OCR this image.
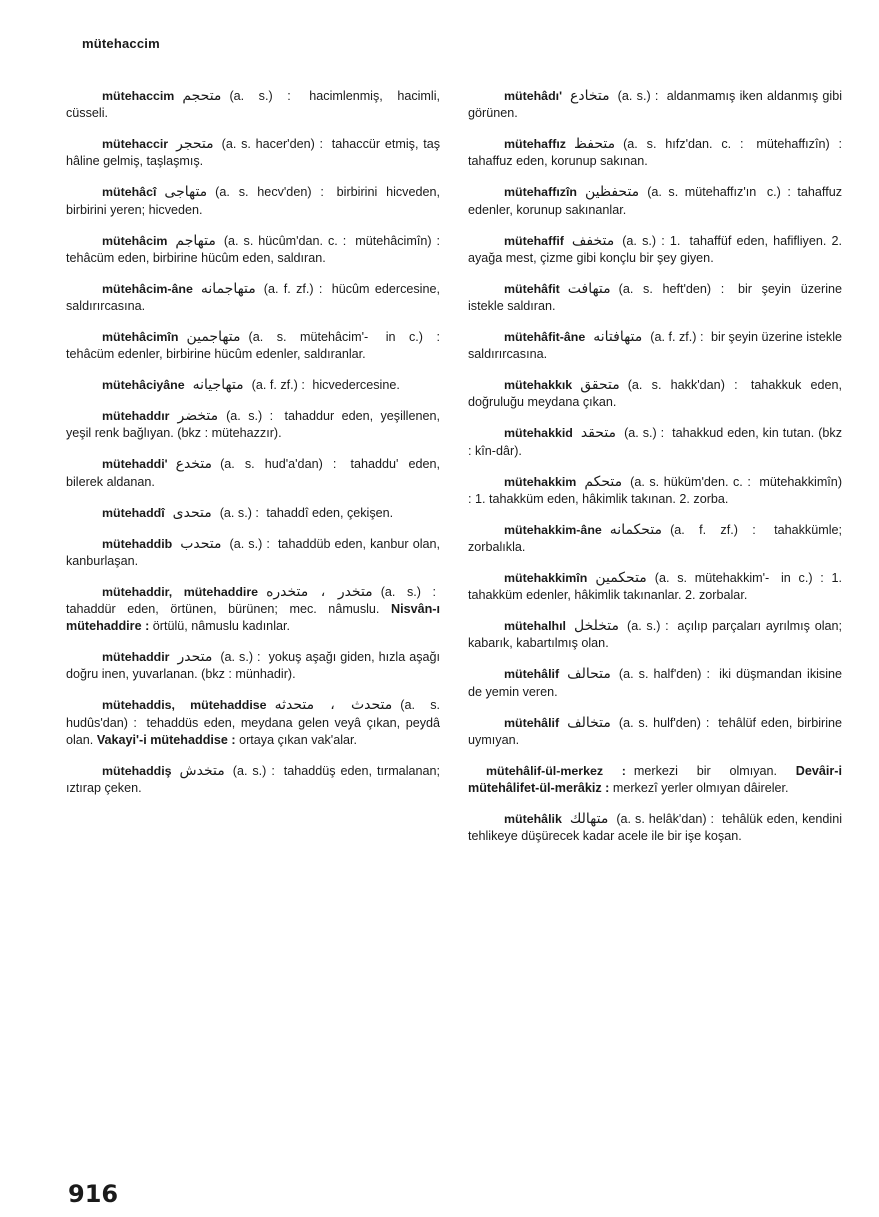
mütehaccim

mütehaccim متحجم (a. s.) : hacimlenmiş, hacimli, cüsseli.

mütehaccir متحجر (a. s. hacer'den) : tahaccür etmiş, taş hâline gelmiş, taşlaşmış.

mütehâcî متهاجی (a. s. hecv'den) : birbirini hicveden, birbirini yeren; hicveden.

mütehâcim متهاجم (a. s. hücûm'dan. c. : mütehâcimîn) : tehâcüm eden, birbirine hücûm eden, saldıran.

mütehâcim-âne متهاجمانه (a. f. zf.) : hücûm edercesine, saldırırcasına.

mütehâcimîn متهاجمين (a. s. mütehâcim'- in c.) : tehâcüm edenler, birbirine hücûm edenler, saldıranlar.

mütehâciyâne متهاجيانه (a. f. zf.) : hicvedercesine.

mütehaddır متخضر (a. s.) : tahaddur eden, yeşillenen, yeşil renk bağlıyan. (bkz : mütehazzır).

mütehaddi' متخدع (a. s. hud'a'dan) : tahaddu' eden, bilerek aldanan.

mütehaddî متحدی (a. s.) : tahaddî eden, çekişen.

mütehaddib متحدب (a. s.) : tahaddüb eden, kanbur olan, kanburlaşan.

mütehaddir, mütehaddire متخدر ، متخدره (a. s.) : tahaddür eden, örtünen, bürünen; mec. nâmuslu. Nisvân-ı mütehaddire : örtülü, nâmuslu kadınlar.

mütehaddir متحدر (a. s.) : yokuş aşağı giden, hızla aşağı doğru inen, yuvarlanan. (bkz : münhadir).

mütehaddis, mütehaddise متحدث ، متحدثه (a. s. hudûs'dan) : tehaddüs eden, meydana gelen veyâ çıkan, peydâ olan. Vakayi'-i mütehaddise : ortaya çıkan vak'alar.

mütehaddiş متخدش (a. s.) : tahaddüş eden, tırmalanan; ıztırap çeken.

mütehâdı' متخادع (a. s.) : aldanmamış iken aldanmış gibi görünen.

mütehaffız متحفظ (a. s. hıfz'dan. c. : mütehaffızîn) : tahaffuz eden, korunup sakınan.

mütehaffızîn متحفظين (a. s. mütehaffız'ın c.) : tahaffuz edenler, korunup sakınanlar.

mütehaffif متخفف (a. s.) : 1. tahaffüf eden, hafifliyen. 2. ayağa mest, çizme gibi konçlu bir şey giyen.

mütehâfit متهافت (a. s. heft'den) : bir şeyin üzerine istekle saldıran.

mütehâfit-âne متهافتانه (a. f. zf.) : bir şeyin üzerine istekle saldırırcasına.

mütehakkık متحقق (a. s. hakk'dan) : tahakkuk eden, doğruluğu meydana çıkan.

mütehakkid متحقد (a. s.) : tahakkud eden, kin tutan. (bkz : kîn-dâr).

mütehakkim متحكم (a. s. hüküm'den. c. : mütehakkimîn) : 1. tahakküm eden, hâkimlik takınan. 2. zorba.

mütehakkim-âne متحكمانه (a. f. zf.) : tahakkümle; zorbalıkla.

mütehakkimîn متحكمين (a. s. mütehakkim'- in c.) : 1. tahakküm edenler, hâkimlik takınanlar. 2. zorbalar.

mütehalhıl متخلخل (a. s.) : açılıp parçaları ayrılmış olan; kabarık, kabartılmış olan.

mütehâlif متحالف (a. s. half'den) : iki düşmandan ikisine de yemin veren.

mütehâlif متخالف (a. s. hulf'den) : tehâlüf eden, birbirine uymıyan.

mütehâlif-ül-merkez : merkezi bir olmıyan. Devâir-i mütehâlifet-ül-merâkiz : merkezî yerler olmıyan dâireler.

mütehâlik متهالك (a. s. helâk'dan) : tehâlük eden, kendini tehlikeye düşürecek kadar acele ile bir işe koşan.

916
